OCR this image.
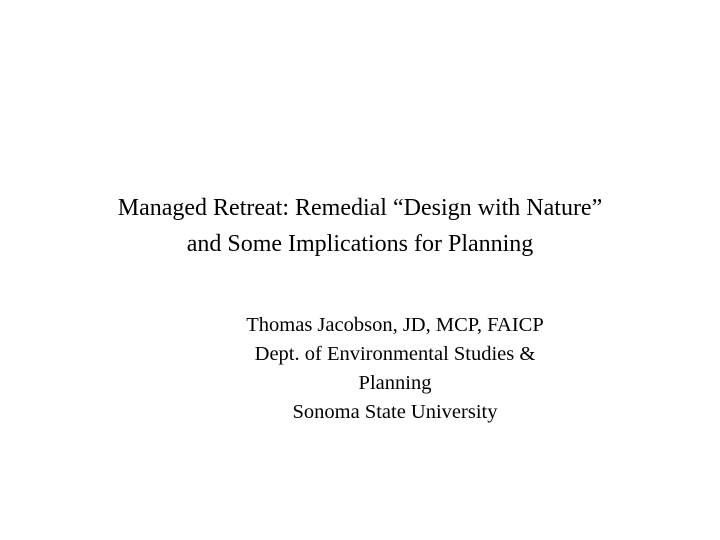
Managed Retreat: Remedial “Design with Nature”
and Some Implications for Planning
Thomas Jacobson, JD, MCP, FAICP
Dept. of Environmental Studies &
Planning
Sonoma State University
